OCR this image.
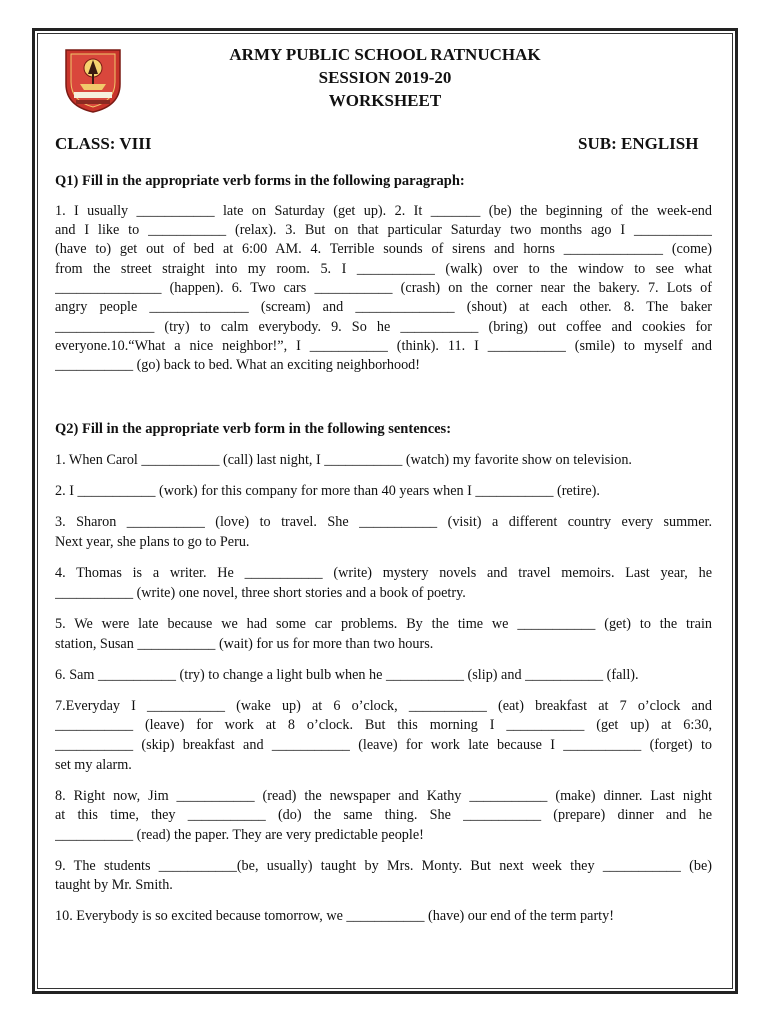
ARMY PUBLIC SCHOOL RATNUCHAK
SESSION 2019-20
WORKSHEET
CLASS: VIII	SUB: ENGLISH
Q1) Fill in the appropriate verb forms in the following paragraph:
1. I usually ___________ late on Saturday (get up). 2. It _______ (be) the beginning of the week-end
and I like to ___________ (relax). 3. But on that particular Saturday two months ago I ___________
(have to) get out of bed at 6:00 AM. 4. Terrible sounds of sirens and horns ______________ (come)
from the street straight into my room. 5. I ___________ (walk) over to the window to see what
_______________ (happen). 6. Two cars ___________ (crash) on the corner near the bakery. 7. Lots of
angry people ______________ (scream) and ______________ (shout) at each other. 8. The baker
______________ (try) to calm everybody. 9. So he ___________ (bring) out coffee and cookies for
everyone.10.“What a nice neighbor!”, I ___________ (think). 11. I ___________ (smile) to myself and
___________ (go) back to bed. What an exciting neighborhood!
Q2) Fill in the appropriate verb form in the following sentences:
1. When Carol ___________ (call) last night, I ___________ (watch) my favorite show on television.
2. I ___________ (work) for this company for more than 40 years when I ___________ (retire).
3. Sharon ___________ (love) to travel. She ___________ (visit) a different country every summer.
Next year, she plans to go to Peru.
4. Thomas is a writer. He ___________ (write) mystery novels and travel memoirs. Last year, he
___________ (write) one novel, three short stories and a book of poetry.
5. We were late because we had some car problems. By the time we ___________ (get) to the train
station, Susan ___________ (wait) for us for more than two hours.
6. Sam ___________ (try) to change a light bulb when he ___________ (slip) and ___________ (fall).
7.Everyday I ___________ (wake up) at 6 o’clock, ___________ (eat) breakfast at 7 o’clock and
___________ (leave) for work at 8 o’clock. But this morning I ___________ (get up) at 6:30,
___________ (skip) breakfast and ___________ (leave) for work late because I ___________ (forget) to
set my alarm.
8. Right now, Jim ___________ (read) the newspaper and Kathy ___________ (make) dinner. Last night
at this time, they ___________ (do) the same thing. She ___________ (prepare) dinner and he
___________ (read) the paper. They are very predictable people!
9. The students ___________(be, usually) taught by Mrs. Monty. But next week they ___________ (be)
taught by Mr. Smith.
10. Everybody is so excited because tomorrow, we ___________ (have) our end of the term party!
